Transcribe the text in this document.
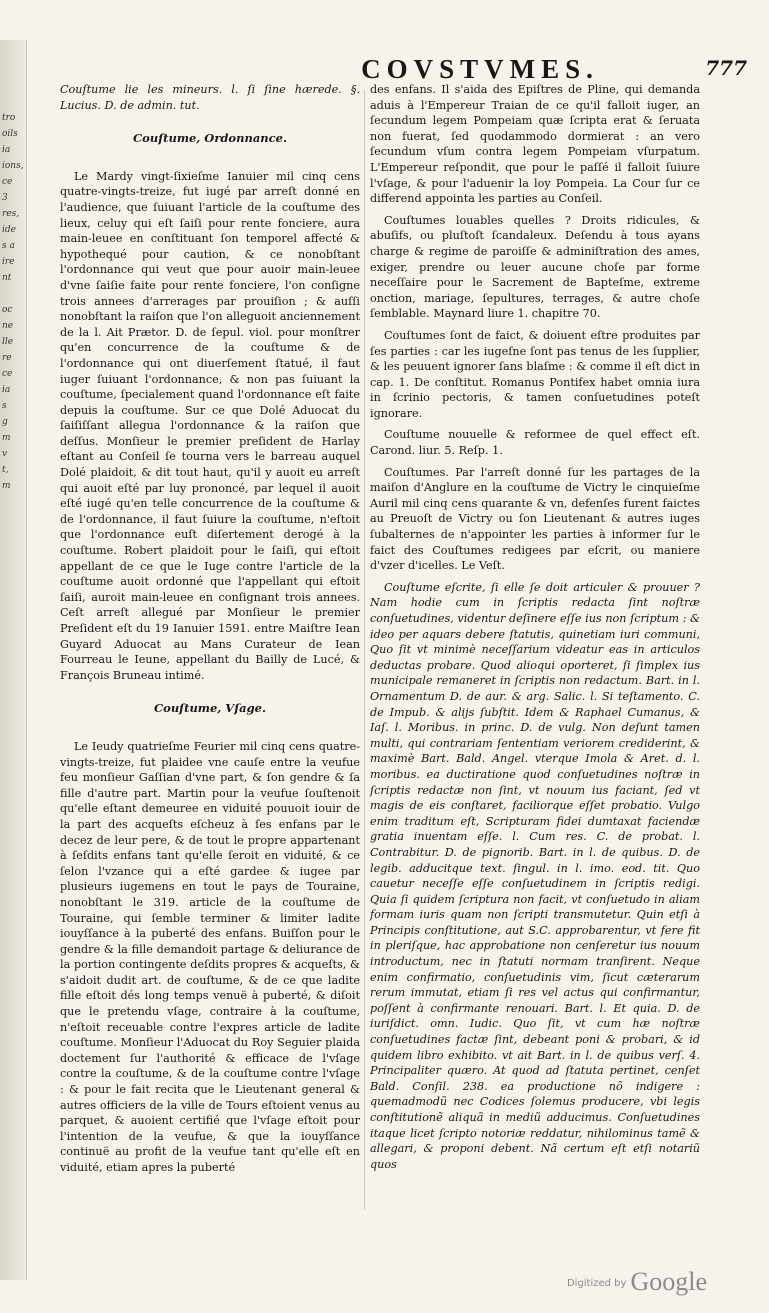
tro
oils
ia
ions,
ce
3
res,
ide
s a
ire
nt
oc
ne
lle
re
ce
ia
s
g
m
v
t,
m
COVSTVMES.	777

Couſtume lie les mineurs. l. ſi ſine hærede. §. Lucius. D. de admin. tut.

Couſtume, Ordonnance.

Le Mardy vingt-ſixieſme Ianuier mil cinq cens quatre-vingts-treize, fut iugé par arreſt donné en l'audience, que ſuiuant l'article de la couſtume des lieux, celuy qui eſt ſaiſi pour rente fonciere, aura main-leuee en conſtituant ſon temporel affecté & hypothequé pour caution, & ce nonobſtant l'ordonnance qui veut que pour auoir main-leuee d'vne ſaiſie faite pour rente fonciere, l'on conſigne trois annees d'arrerages par prouiſion ; & auſſi nonobſtant la raiſon que l'on alleguoit anciennement de la l. Ait Prætor. D. de ſepul. viol. pour monſtrer qu'en concurrence de la couſtume & de l'ordonnance qui ont diuerſement ſtatué, il faut iuger ſuiuant l'ordonnance, & non pas ſuiuant la couſtume, ſpecialement quand l'ordonnance eſt faite depuis la couſtume. Sur ce que Dolé Aduocat du ſaiſiſſant allegua l'ordonnance & la raiſon que deſſus. Monſieur le premier preſident de Harlay eſtant au Conſeil ſe tourna vers le barreau auquel Dolé plaidoit, & dit tout haut, qu'il y auoit eu arreſt qui auoit eſté par luy prononcé, par lequel il auoit eſté iugé qu'en telle concurrence de la couſtume & de l'ordonnance, il faut ſuiure la couſtume, n'eſtoit que l'ordonnance euſt diſertement derogé à la couſtume. Robert plaidoit pour le ſaiſi, qui eſtoit appellant de ce que le Iuge contre l'article de la couſtume auoit ordonné que l'appellant qui eſtoit ſaiſi, auroit main-leuee en conſignant trois annees. Ceſt arreſt allegué par Monſieur le premier Preſident eſt du 19 Ianuier 1591. entre Maiſtre Iean Guyard Aduocat au Mans Curateur de Iean Fourreau le Ieune, appellant du Bailly de Lucé, & François Bruneau intimé.

Couſtume, Vſage.

Le Ieudy quatrieſme Feurier mil cinq cens quatre-vingts-treize, fut plaidee vne cauſe entre la veufue feu monſieur Gaſſian d'vne part, & ſon gendre & ſa fille d'autre part. Martin pour la veufue ſouſtenoit qu'elle eſtant demeuree en viduité pouuoit iouir de la part des acqueſts eſcheuz à ſes enfans par le decez de leur pere, & de tout le propre appartenant à ſeſdits enfans tant qu'elle ſeroit en viduité, & ce ſelon l'vzance qui a eſté gardee & iugee par plusieurs iugemens en tout le pays de Touraine, nonobſtant le 319. article de la couſtume de Touraine, qui ſemble terminer & limiter ladite iouyſſance à la puberté des enfans. Buiſſon pour le gendre & la fille demandoit partage & deliurance de la portion contingente deſdits propres & acqueſts, & s'aidoit dudit art. de couſtume, & de ce que ladite fille eſtoit dés long temps venuë à puberté, & diſoit que le pretendu vſage, contraire à la couſtume, n'eſtoit receuable contre l'expres article de ladite couſtume. Monſieur l'Aduocat du Roy Seguier plaida doctement ſur l'authorité & efficace de l'vſage contre la couſtume, & de la couſtume contre l'vſage : & pour le fait recita que le Lieutenant general & autres officiers de la ville de Tours eſtoient venus au parquet, & auoient certifié que l'vſage eſtoit pour l'intention de la veufue, & que la iouyſſance continuë au profit de la veufue tant qu'elle eſt en viduité, etiam apres la puberté

des enfans. Il s'aida des Epiſtres de Pline, qui demanda aduis à l'Empereur Traian de ce qu'il falloit iuger, an ſecundum legem Pompeiam quæ ſcripta erat & ſeruata non fuerat, ſed quodammodo dormierat : an vero ſecundum vſum contra legem Pompeiam vſurpatum. L'Empereur reſpondit, que pour le paſſé il falloit ſuiure l'vſage, & pour l'aduenir la loy Pompeia. La Cour ſur ce differend appointa les parties au Conſeil.

Couſtumes louables quelles ? Droits ridicules, & abuſifs, ou pluſtoſt ſcandaleux. Deſendu à tous ayans charge & regime de paroiſſe & adminiſtration des ames, exiger, prendre ou leuer aucune choſe par forme neceſſaire pour le Sacrement de Bapteſme, extreme onction, mariage, ſepultures, terrages, & autre choſe ſemblable. Maynard liure 1. chapitre 70.

Couſtumes ſont de faict, & doiuent eſtre produites par ſes parties : car les iugeſne ſont pas tenus de les ſupplier, & les peuuent ignorer ſans blaſme : & comme il eſt dict in cap. 1. De conſtitut. Romanus Pontifex habet omnia iura in ſcrinio pectoris, & tamen conſuetudines poteſt ignorare.

Couſtume nouuelle & reformee de quel effect eſt. Carond. liur. 5. Reſp. 1.

Couſtumes. Par l'arreſt donné ſur les partages de la maiſon d'Anglure en la couſtume de Victry le cinquieſme Auril mil cinq cens quarante & vn, defenſes furent faictes au Preuoſt de Victry ou ſon Lieutenant & autres iuges ſubalternes de n'appointer les parties à informer ſur le faict des Couſtumes redigees par eſcrit, ou maniere d'vzer d'icelles. Le Veſt.

Couſtume eſcrite, ſi elle ſe doit articuler & prouuer ? Nam hodie cum in ſcriptis redacta ſint noſtræ conſuetudines, videntur deſinere eſſe ius non ſcriptum : & ideo per aquars debere ſtatutis, quinetiam iuri communi, Quo ſit vt minimè neceſſarium videatur eas in articulos deductas probare. Quod alioqui oporteret, ſi ſimplex ius municipale remaneret in ſcriptis non redactum. Bart. in l. Ornamentum D. de aur. & arg. Salic. l. Si teſtamento. C. de Impub. & alijs ſubſtit. Idem & Raphael Cumanus, & Iaſ. l. Moribus. in princ. D. de vulg. Non deſunt tamen multi, qui contrariam ſententiam veriorem crediderint, & maximè Bart. Bald. Angel. vterque Imola & Aret. d. l. moribus. ea ductiratione quod conſuetudines noſtræ in ſcriptis redactæ non ſint, vt nouum ius faciant, ſed vt magis de eis conſtaret, faciliorque eſſet probatio. Vulgo enim traditum eſt, Scripturam fidei dumtaxat faciendæ gratia inuentam eſſe. l. Cum res. C. de probat. l. Contrabitur. D. de pignorib. Bart. in l. de quibus. D. de legib. adducitque text. ſingul. in l. imo. eod. tit. Quo cauetur neceſſe eſſe conſuetudinem in ſcriptis redigi. Quia ſi quidem ſcriptura non facit, vt conſuetudo in aliam formam iuris quam non ſcripti transmutetur. Quin etſi à Principis conſtitutione, aut S.C. approbarentur, vt fere fit in pleriſque, hac approbatione non cenſeretur ius nouum introductum, nec in ſtatuti normam tranſirent. Neque enim confirmatio, conſuetudinis vim, ſicut cæterarum rerum immutat, etiam ſi res vel actus qui confirmantur, poſſent à confirmante renouari. Bart. l. Et quia. D. de iuriſdict. omn. Iudic. Quo ſit, vt cum hæ noſtræ conſuetudines factæ ſint, debeant poni & probari, & id quidem libro exhibito. vt ait Bart. in l. de quibus verſ. 4. Principaliter quæro. At quod ad ſtatuta pertinet, cenſet Bald. Conſil. 238. ea productione nõ indigere : quemadmodũ nec Codices ſolemus producere, vbi legis conſtitutionẽ aliquã in mediũ adducimus. Conſuetudines itaque licet ſcripto notoriæ reddatur, nihilominus tamẽ & allegari, & proponi debent. Nã certum eſt etſi notariũ quos

$^{Digitized by}$ Google
